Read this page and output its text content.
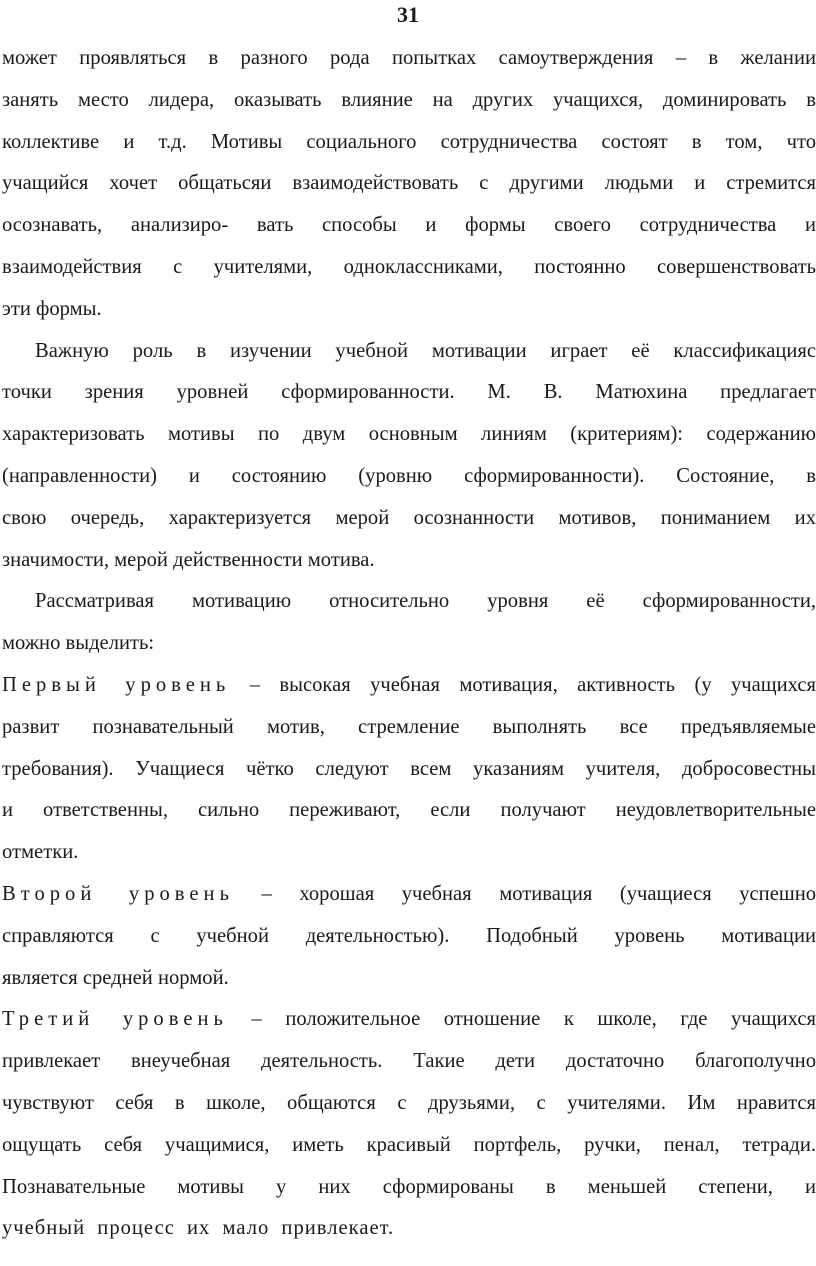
31
может проявляться в разного рода попытках самоутверждения – в желании
занять место лидера, оказывать влияние на других учащихся, доминировать в
коллективе и т.д. Мотивы социального сотрудничества состоят в том, что
учащийся хочет общатьсяи взаимодействовать с другими людьми и стремится
осознавать, анализиро- вать способы и формы своего сотрудничества и
взаимодействия с учителями, одноклассниками, постоянно совершенствовать
эти формы.
Важную роль в изучении учебной мотивации играет её классификацияс
точки зрения уровней сформированности. М. В. Матюхина предлагает
характеризовать мотивы по двум основным линиям (критериям): содержанию
(направленности) и состоянию (уровню сформированности). Состояние, в
свою очередь, характеризуется мерой осознанности мотивов, пониманием их
значимости, мерой действенности мотива.
Рассматривая мотивацию относительно уровня её сформированности,
можно выделить:
Первый уровень – высокая учебная мотивация, активность (у учащихся
развит познавательный мотив, стремление выполнять все предъявляемые
требования). Учащиеся чётко следуют всем указаниям учителя, добросовестны
и ответственны, сильно переживают, если получают неудовлетворительные
отметки.
Второй уровень – хорошая учебная мотивация (учащиеся успешно
справляются с учебной деятельностью). Подобный уровень мотивации
является средней нормой.
Третий уровень – положительное отношение к школе, где учащихся
привлекает внеучебная деятельность. Такие дети достаточно благополучно
чувствуют себя в школе, общаются с друзьями, с учителями. Им нравится
ощущать себя учащимися, иметь красивый портфель, ручки, пенал, тетради.
Познавательные мотивы у них сформированы в меньшей степени, и
учебный процесс их мало привлекает.
